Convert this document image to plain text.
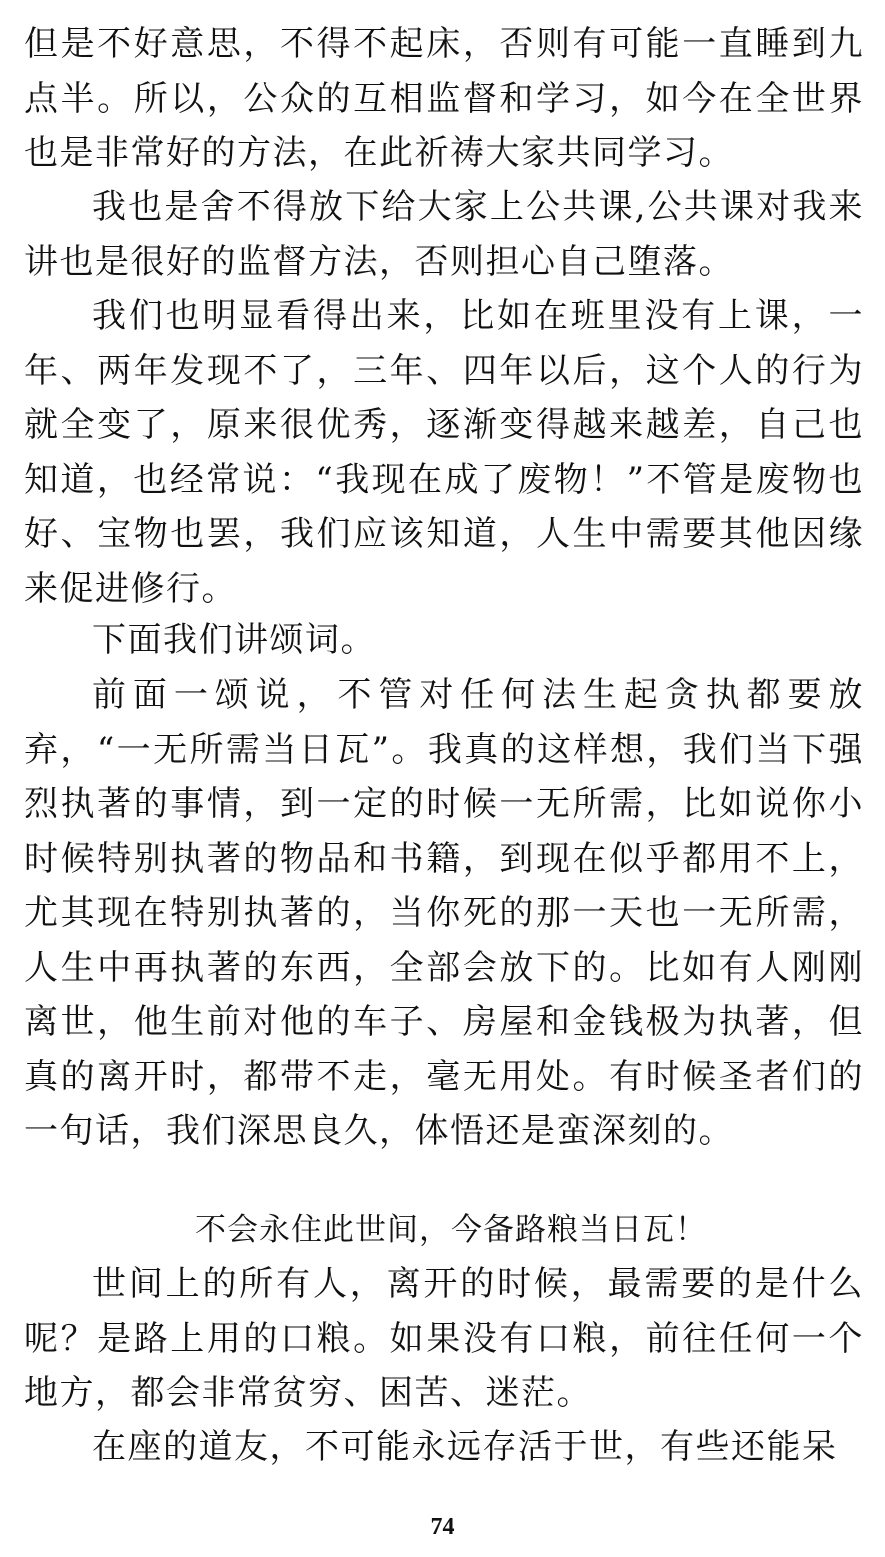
但是不好意思，不得不起床，否则有可能一直睡到九点半。所以，公众的互相监督和学习，如今在全世界也是非常好的方法，在此祈祷大家共同学习。

我也是舍不得放下给大家上公共课,公共课对我来讲也是很好的监督方法，否则担心自己堕落。

我们也明显看得出来，比如在班里没有上课，一年、两年发现不了，三年、四年以后，这个人的行为就全变了，原来很优秀，逐渐变得越来越差，自己也知道，也经常说：“我现在成了废物！”不管是废物也好、宝物也罢，我们应该知道，人生中需要其他因缘来促进修行。

下面我们讲颂词。

前面一颂说，不管对任何法生起贪执都要放弃，“一无所需当日瓦”。我真的这样想，我们当下强烈执著的事情，到一定的时候一无所需，比如说你小时候特别执著的物品和书籍，到现在似乎都用不上，尤其现在特别执著的，当你死的那一天也一无所需，人生中再执著的东西，全部会放下的。比如有人刚刚离世，他生前对他的车子、房屋和金钱极为执著，但真的离开时，都带不走，毫无用处。有时候圣者们的一句话，我们深思良久，体悟还是蛮深刻的。

不会永住此世间，今备路粮当日瓦！

世间上的所有人，离开的时候，最需要的是什么呢？是路上用的口粮。如果没有口粮，前往任何一个地方，都会非常贫穷、困苦、迷茫。

在座的道友，不可能永远存活于世，有些还能呆

74
